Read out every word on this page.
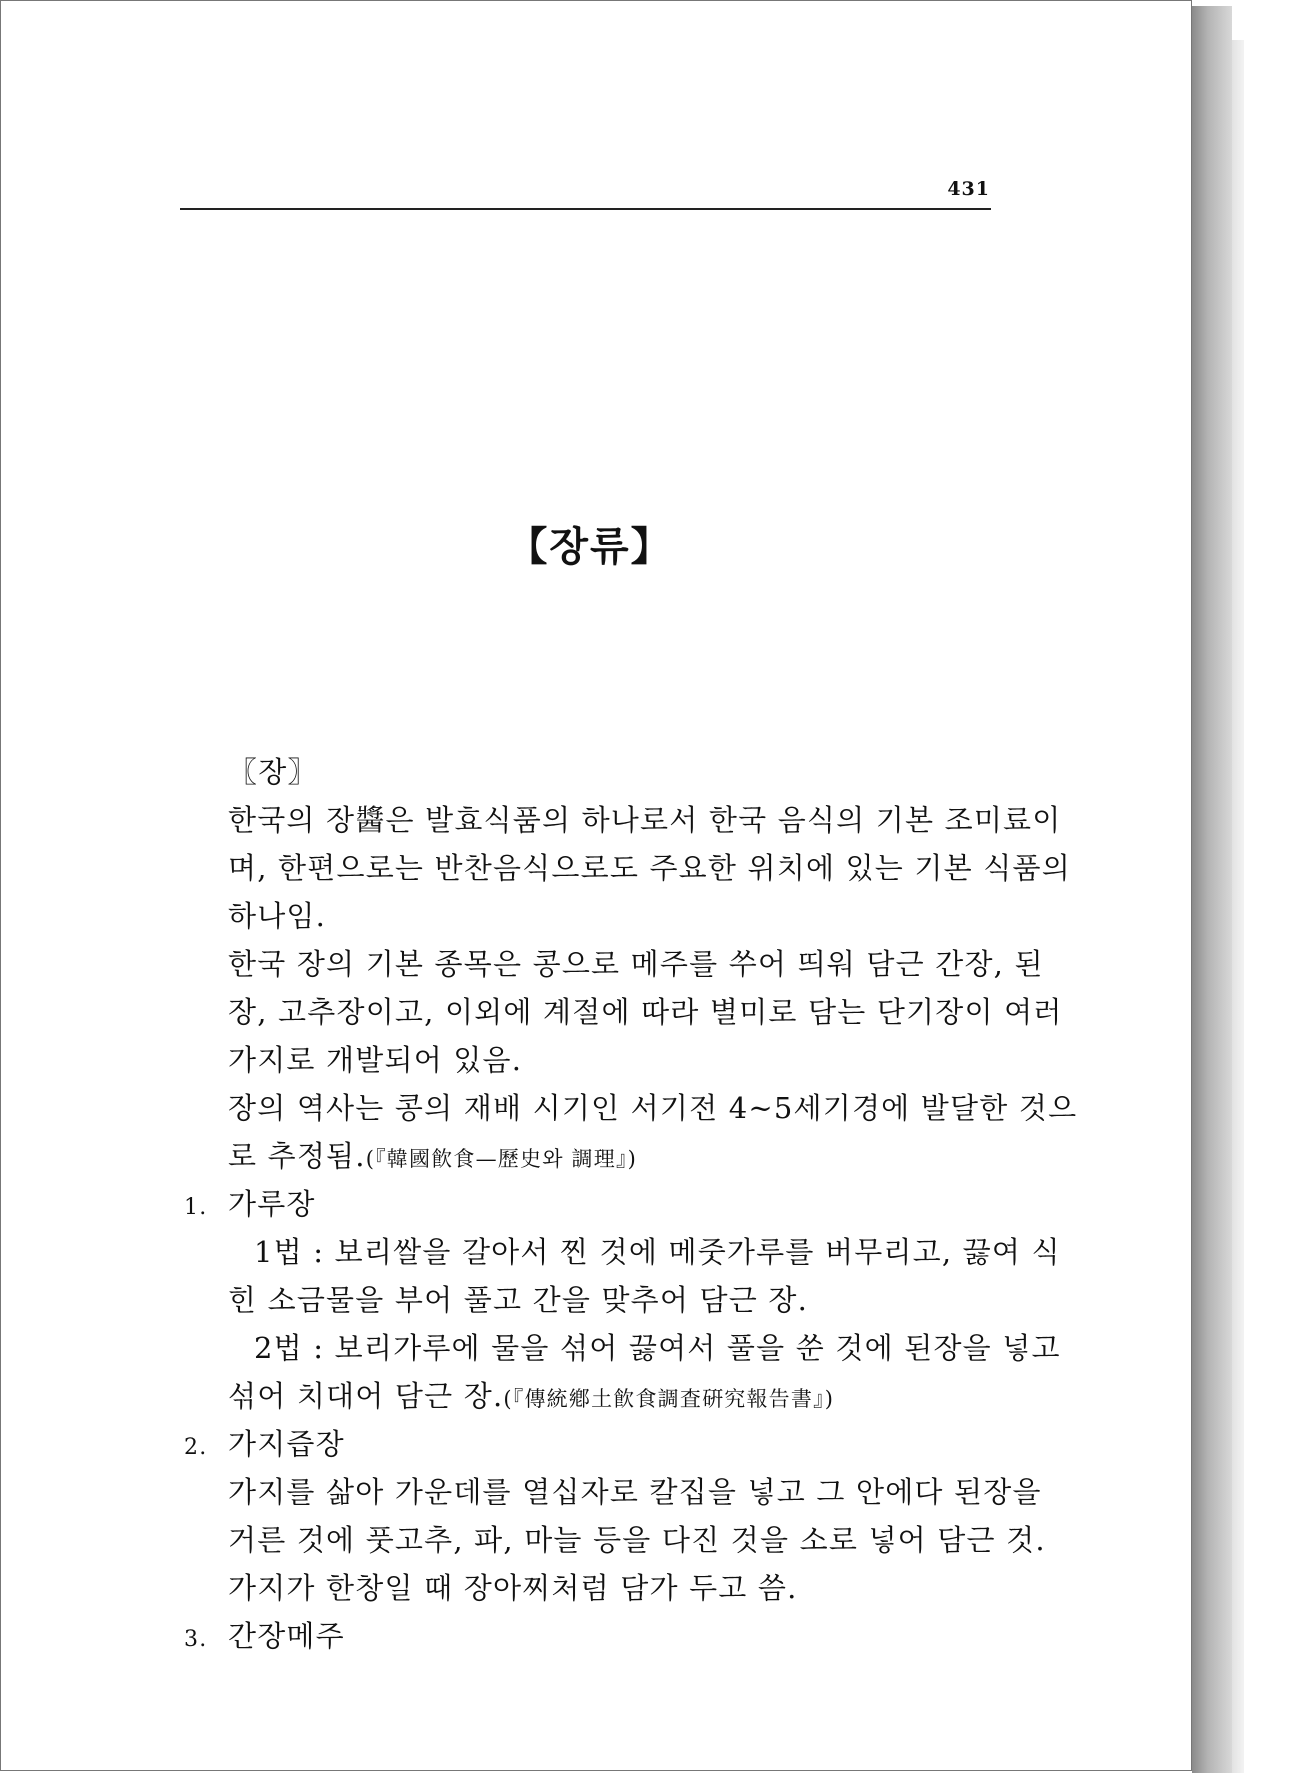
431
【장류】
〖장〗
한국의 장醬은 발효식품의 하나로서 한국 음식의 기본 조미료이
며, 한편으로는 반찬음식으로도 주요한 위치에 있는 기본 식품의
하나임.
한국 장의 기본 종목은 콩으로 메주를 쑤어 띄워 담근 간장, 된
장, 고추장이고, 이외에 계절에 따라 별미로 담는 단기장이 여러
가지로 개발되어 있음.
장의 역사는 콩의 재배 시기인 서기전 4~5세기경에 발달한 것으
로 추정됨.(『韓國飮食—歷史와 調理』)
1. 가루장
1법 : 보리쌀을 갈아서 찐 것에 메줏가루를 버무리고, 끓여 식
힌 소금물을 부어 풀고 간을 맞추어 담근 장.
2법 : 보리가루에 물을 섞어 끓여서 풀을 쑨 것에 된장을 넣고
섞어 치대어 담근 장.(『傳統鄕土飮食調査硏究報告書』)
2. 가지즙장
가지를 삶아 가운데를 열십자로 칼집을 넣고 그 안에다 된장을
거른 것에 풋고추, 파, 마늘 등을 다진 것을 소로 넣어 담근 것.
가지가 한창일 때 장아찌처럼 담가 두고 씀.
3. 간장메주
